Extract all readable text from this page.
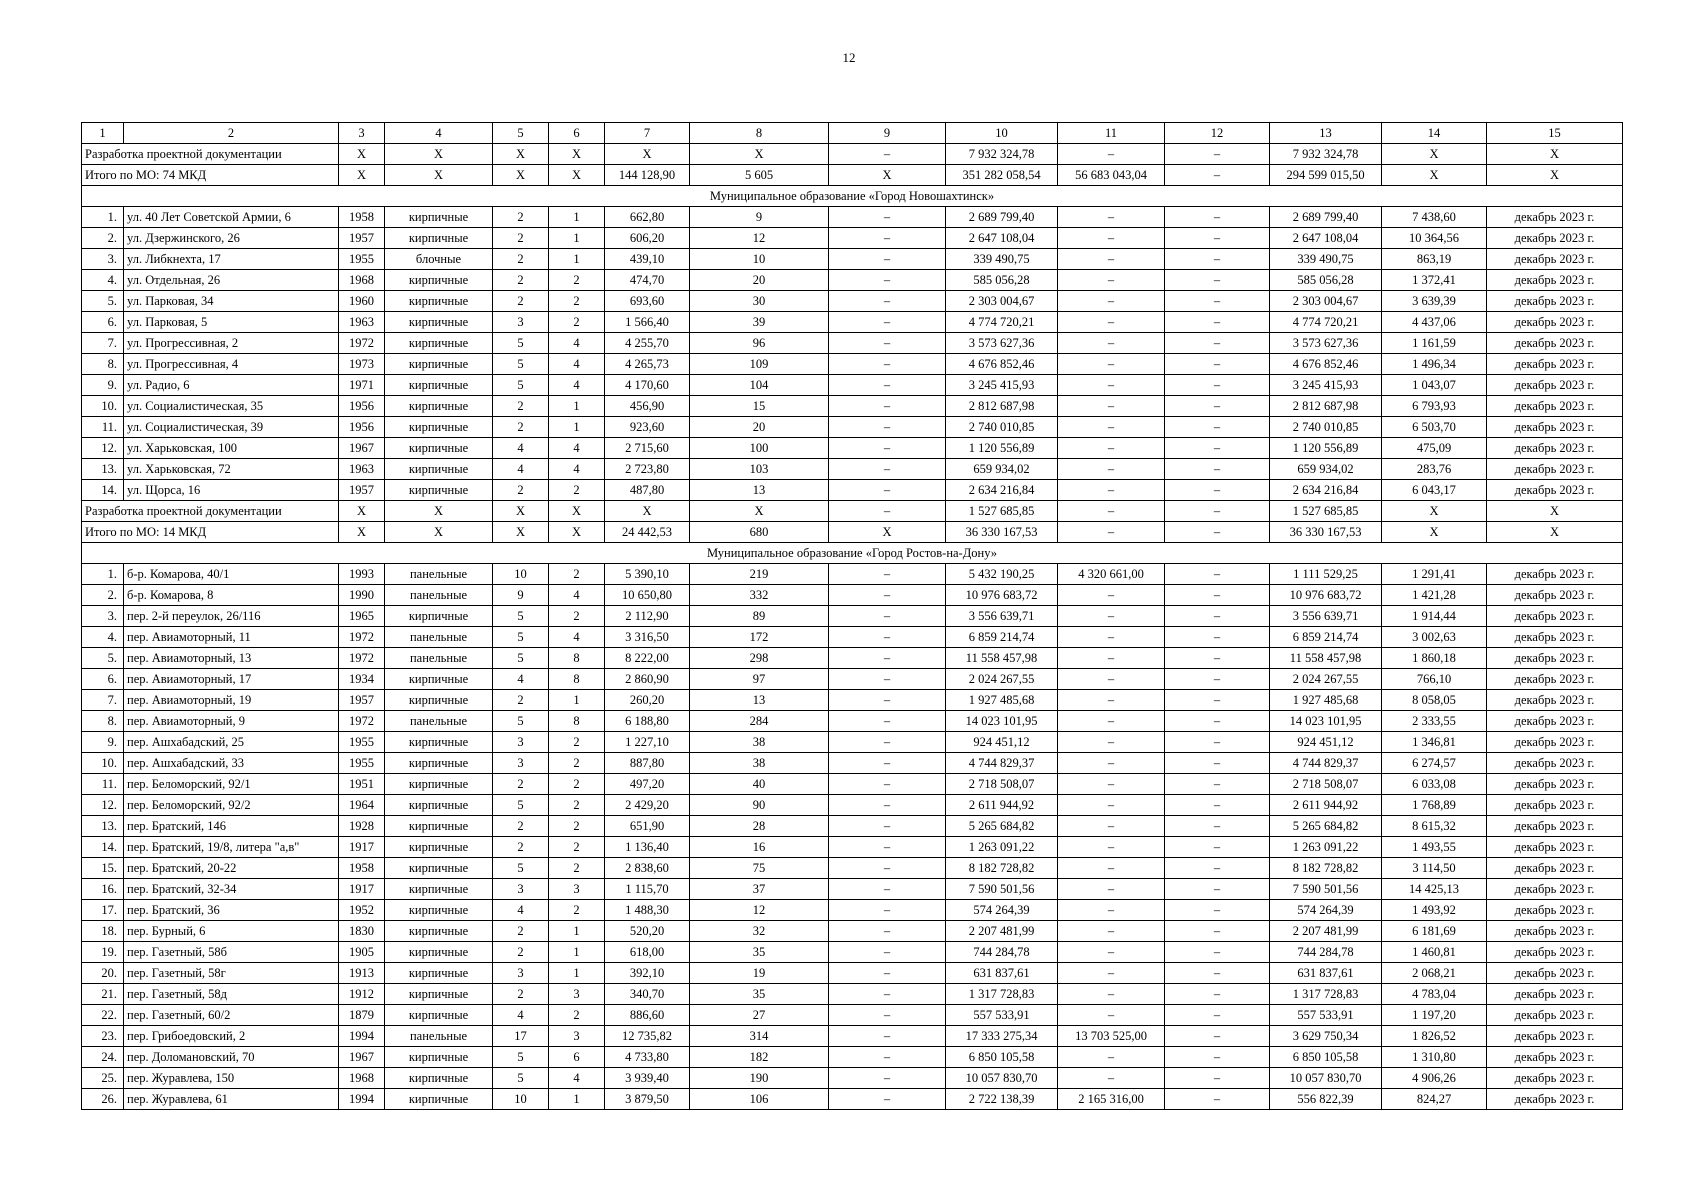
12
1	2	3	4	5	6	7	8	9	10	11	12	13	14	15
Разработка проектной документации		Х	Х	Х	Х	Х	Х	–	7 932 324,78	–	–	7 932 324,78	Х	Х
Итого по МО: 74 МКД		Х	Х	Х	Х	144 128,90	5 605	Х	351 282 058,54	56 683 043,04	–	294 599 015,50	Х	Х
Муниципальное образование «Город Новошахтинск»														
1.	ул. 40 Лет Советской Армии, 6	1958	кирпичные	2	1	662,80	9	–	2 689 799,40	–	–	2 689 799,40	7 438,60	декабрь 2023 г.
2.	ул. Дзержинского, 26	1957	кирпичные	2	1	606,20	12	–	2 647 108,04	–	–	2 647 108,04	10 364,56	декабрь 2023 г.
3.	ул. Либкнехта, 17	1955	блочные	2	1	439,10	10	–	339 490,75	–	–	339 490,75	863,19	декабрь 2023 г.
4.	ул. Отдельная, 26	1968	кирпичные	2	2	474,70	20	–	585 056,28	–	–	585 056,28	1 372,41	декабрь 2023 г.
5.	ул. Парковая, 34	1960	кирпичные	2	2	693,60	30	–	2 303 004,67	–	–	2 303 004,67	3 639,39	декабрь 2023 г.
6.	ул. Парковая, 5	1963	кирпичные	3	2	1 566,40	39	–	4 774 720,21	–	–	4 774 720,21	4 437,06	декабрь 2023 г.
7.	ул. Прогрессивная, 2	1972	кирпичные	5	4	4 255,70	96	–	3 573 627,36	–	–	3 573 627,36	1 161,59	декабрь 2023 г.
8.	ул. Прогрессивная, 4	1973	кирпичные	5	4	4 265,73	109	–	4 676 852,46	–	–	4 676 852,46	1 496,34	декабрь 2023 г.
9.	ул. Радио, 6	1971	кирпичные	5	4	4 170,60	104	–	3 245 415,93	–	–	3 245 415,93	1 043,07	декабрь 2023 г.
10.	ул. Социалистическая, 35	1956	кирпичные	2	1	456,90	15	–	2 812 687,98	–	–	2 812 687,98	6 793,93	декабрь 2023 г.
11.	ул. Социалистическая, 39	1956	кирпичные	2	1	923,60	20	–	2 740 010,85	–	–	2 740 010,85	6 503,70	декабрь 2023 г.
12.	ул. Харьковская, 100	1967	кирпичные	4	4	2 715,60	100	–	1 120 556,89	–	–	1 120 556,89	475,09	декабрь 2023 г.
13.	ул. Харьковская, 72	1963	кирпичные	4	4	2 723,80	103	–	659 934,02	–	–	659 934,02	283,76	декабрь 2023 г.
14.	ул. Щорса, 16	1957	кирпичные	2	2	487,80	13	–	2 634 216,84	–	–	2 634 216,84	6 043,17	декабрь 2023 г.
Разработка проектной документации		Х	Х	Х	Х	Х	Х	–	1 527 685,85	–	–	1 527 685,85	Х	Х
Итого по МО: 14 МКД		Х	Х	Х	Х	24 442,53	680	Х	36 330 167,53	–	–	36 330 167,53	Х	Х
Муниципальное образование «Город Ростов-на-Дону»														
1.	б-р. Комарова, 40/1	1993	панельные	10	2	5 390,10	219	–	5 432 190,25	4 320 661,00	–	1 111 529,25	1 291,41	декабрь 2023 г.
2.	б-р. Комарова, 8	1990	панельные	9	4	10 650,80	332	–	10 976 683,72	–	–	10 976 683,72	1 421,28	декабрь 2023 г.
3.	пер. 2-й переулок, 26/116	1965	кирпичные	5	2	2 112,90	89	–	3 556 639,71	–	–	3 556 639,71	1 914,44	декабрь 2023 г.
4.	пер. Авиамоторный, 11	1972	панельные	5	4	3 316,50	172	–	6 859 214,74	–	–	6 859 214,74	3 002,63	декабрь 2023 г.
5.	пер. Авиамоторный, 13	1972	панельные	5	8	8 222,00	298	–	11 558 457,98	–	–	11 558 457,98	1 860,18	декабрь 2023 г.
6.	пер. Авиамоторный, 17	1934	кирпичные	4	8	2 860,90	97	–	2 024 267,55	–	–	2 024 267,55	766,10	декабрь 2023 г.
7.	пер. Авиамоторный, 19	1957	кирпичные	2	1	260,20	13	–	1 927 485,68	–	–	1 927 485,68	8 058,05	декабрь 2023 г.
8.	пер. Авиамоторный, 9	1972	панельные	5	8	6 188,80	284	–	14 023 101,95	–	–	14 023 101,95	2 333,55	декабрь 2023 г.
9.	пер. Ашхабадский, 25	1955	кирпичные	3	2	1 227,10	38	–	924 451,12	–	–	924 451,12	1 346,81	декабрь 2023 г.
10.	пер. Ашхабадский, 33	1955	кирпичные	3	2	887,80	38	–	4 744 829,37	–	–	4 744 829,37	6 274,57	декабрь 2023 г.
11.	пер. Беломорский, 92/1	1951	кирпичные	2	2	497,20	40	–	2 718 508,07	–	–	2 718 508,07	6 033,08	декабрь 2023 г.
12.	пер. Беломорский, 92/2	1964	кирпичные	5	2	2 429,20	90	–	2 611 944,92	–	–	2 611 944,92	1 768,89	декабрь 2023 г.
13.	пер. Братский, 146	1928	кирпичные	2	2	651,90	28	–	5 265 684,82	–	–	5 265 684,82	8 615,32	декабрь 2023 г.
14.	пер. Братский, 19/8, литера "а,в"	1917	кирпичные	2	2	1 136,40	16	–	1 263 091,22	–	–	1 263 091,22	1 493,55	декабрь 2023 г.
15.	пер. Братский, 20-22	1958	кирпичные	5	2	2 838,60	75	–	8 182 728,82	–	–	8 182 728,82	3 114,50	декабрь 2023 г.
16.	пер. Братский, 32-34	1917	кирпичные	3	3	1 115,70	37	–	7 590 501,56	–	–	7 590 501,56	14 425,13	декабрь 2023 г.
17.	пер. Братский, 36	1952	кирпичные	4	2	1 488,30	12	–	574 264,39	–	–	574 264,39	1 493,92	декабрь 2023 г.
18.	пер. Бурный, 6	1830	кирпичные	2	1	520,20	32	–	2 207 481,99	–	–	2 207 481,99	6 181,69	декабрь 2023 г.
19.	пер. Газетный, 58б	1905	кирпичные	2	1	618,00	35	–	744 284,78	–	–	744 284,78	1 460,81	декабрь 2023 г.
20.	пер. Газетный, 58г	1913	кирпичные	3	1	392,10	19	–	631 837,61	–	–	631 837,61	2 068,21	декабрь 2023 г.
21.	пер. Газетный, 58д	1912	кирпичные	2	3	340,70	35	–	1 317 728,83	–	–	1 317 728,83	4 783,04	декабрь 2023 г.
22.	пер. Газетный, 60/2	1879	кирпичные	4	2	886,60	27	–	557 533,91	–	–	557 533,91	1 197,20	декабрь 2023 г.
23.	пер. Грибоедовский, 2	1994	панельные	17	3	12 735,82	314	–	17 333 275,34	13 703 525,00	–	3 629 750,34	1 826,52	декабрь 2023 г.
24.	пер. Доломановский, 70	1967	кирпичные	5	6	4 733,80	182	–	6 850 105,58	–	–	6 850 105,58	1 310,80	декабрь 2023 г.
25.	пер. Журавлева, 150	1968	кирпичные	5	4	3 939,40	190	–	10 057 830,70	–	–	10 057 830,70	4 906,26	декабрь 2023 г.
26.	пер. Журавлева, 61	1994	кирпичные	10	1	3 879,50	106	–	2 722 138,39	2 165 316,00	–	556 822,39	824,27	декабрь 2023 г.
